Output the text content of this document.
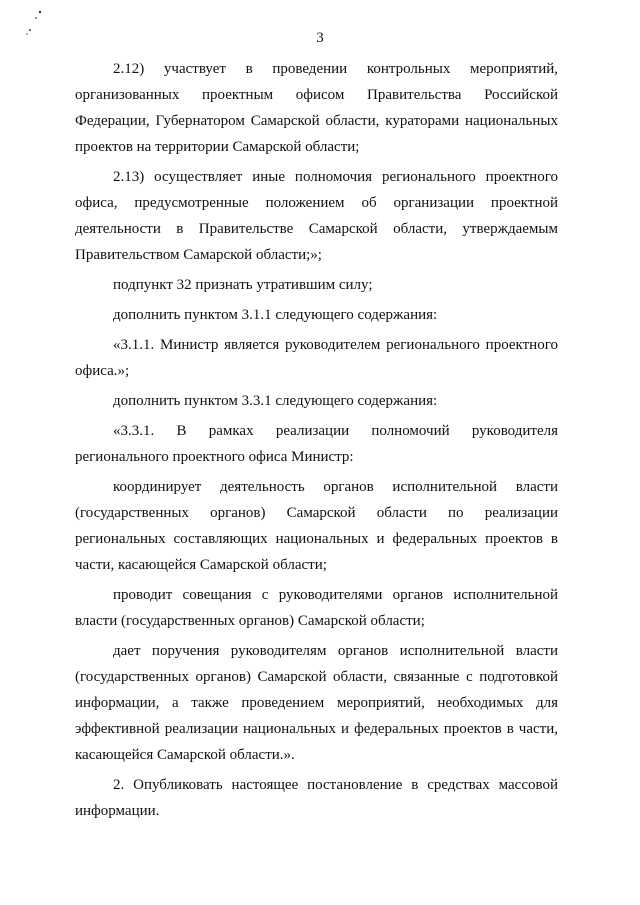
3

2.12) участвует в проведении контрольных мероприятий, организованных проектным офисом Правительства Российской Федерации, Губернатором Самарской области, кураторами национальных проектов на территории Самарской области;

2.13) осуществляет иные полномочия регионального проектного офиса, предусмотренные положением об организации проектной деятельности в Правительстве Самарской области, утверждаемым Правительством Самарской области;»;

подпункт 32 признать утратившим силу;

дополнить пунктом 3.1.1 следующего содержания:

«3.1.1. Министр является руководителем регионального проектного офиса.»;

дополнить пунктом 3.3.1 следующего содержания:

«3.3.1. В рамках реализации полномочий руководителя регионального проектного офиса Министр:

координирует деятельность органов исполнительной власти (государственных органов) Самарской области по реализации региональных составляющих национальных и федеральных проектов в части, касающейся Самарской области;

проводит совещания с руководителями органов исполнительной власти (государственных органов) Самарской области;

дает поручения руководителям органов исполнительной власти (государственных органов) Самарской области, связанные с подготовкой информации, а также проведением мероприятий, необходимых для эффективной реализации национальных и федеральных проектов в части, касающейся Самарской области.».

2. Опубликовать настоящее постановление в средствах массовой информации.
